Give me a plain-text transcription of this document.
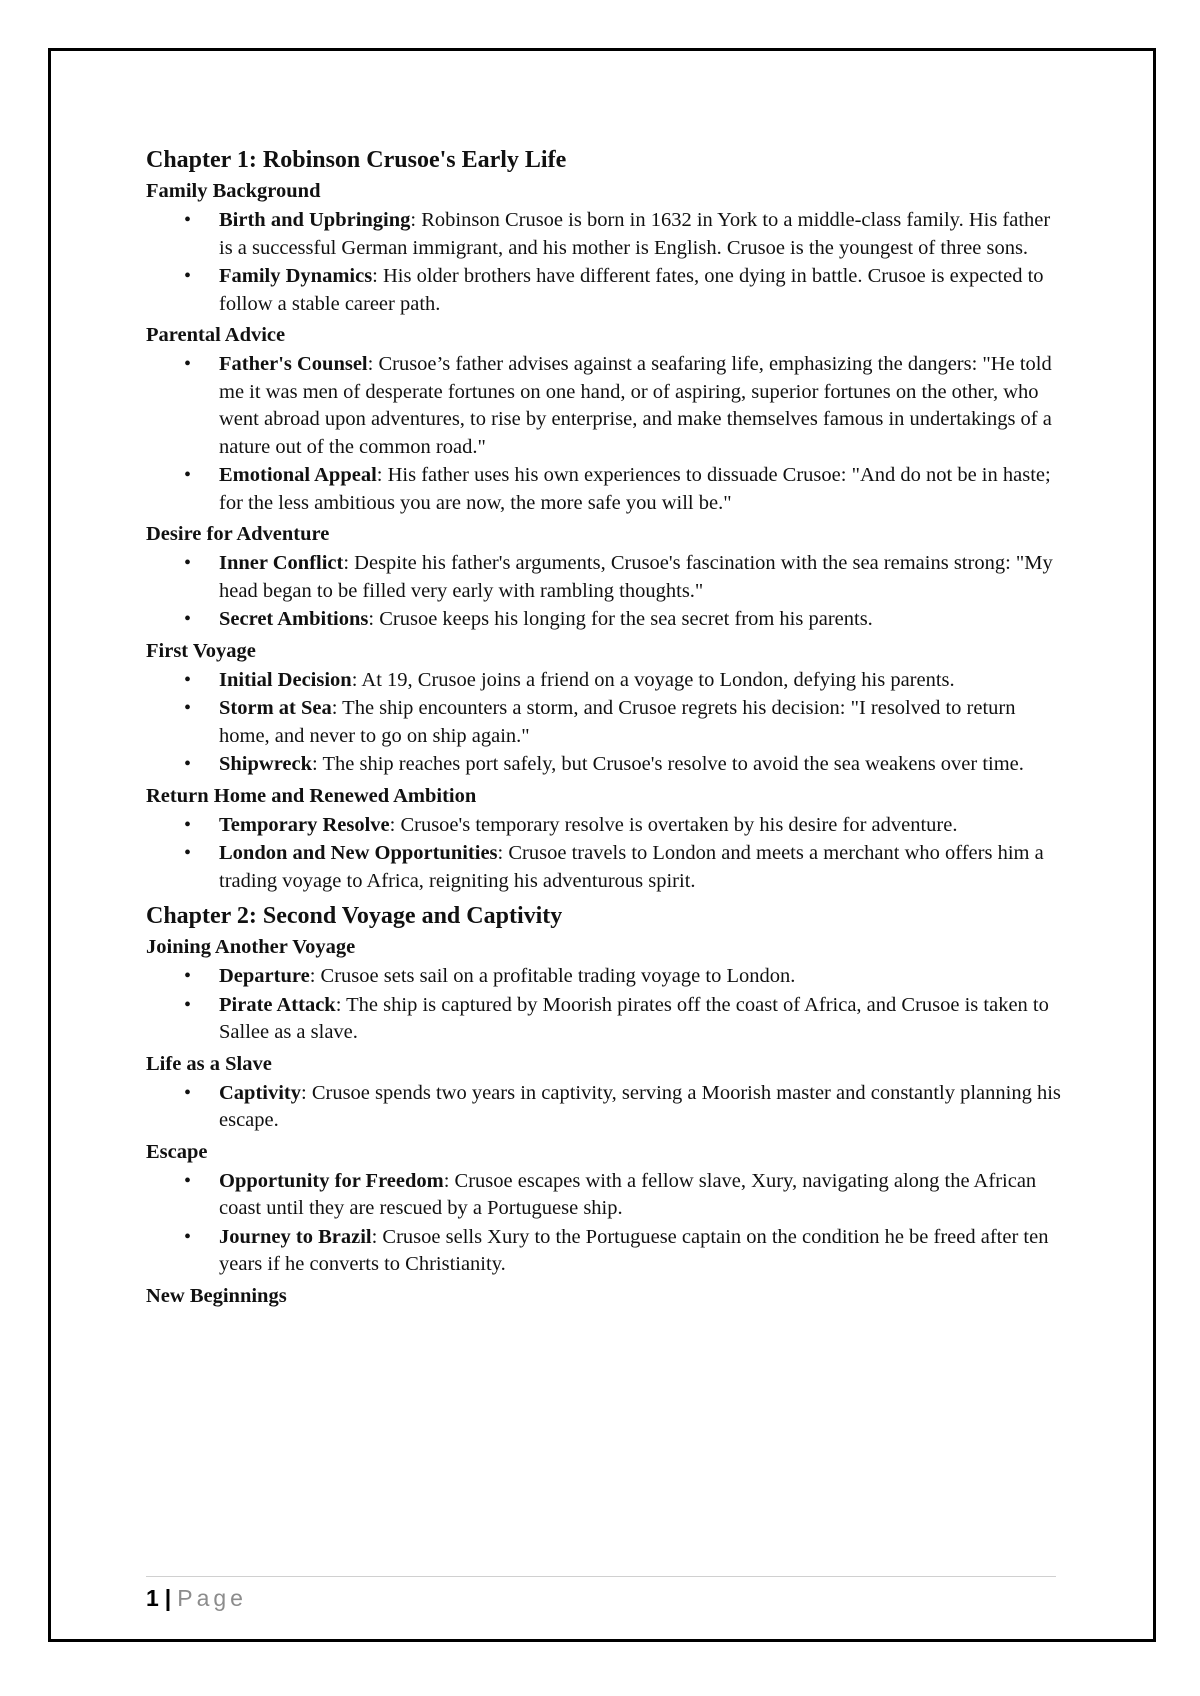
Chapter 1: Robinson Crusoe's Early Life
Family Background
• Birth and Upbringing: Robinson Crusoe is born in 1632 in York to a middle-class family. His father is a successful German immigrant, and his mother is English. Crusoe is the youngest of three sons.
• Family Dynamics: His older brothers have different fates, one dying in battle. Crusoe is expected to follow a stable career path.
Parental Advice
• Father's Counsel: Crusoe’s father advises against a seafaring life, emphasizing the dangers: "He told me it was men of desperate fortunes on one hand, or of aspiring, superior fortunes on the other, who went abroad upon adventures, to rise by enterprise, and make themselves famous in undertakings of a nature out of the common road."
• Emotional Appeal: His father uses his own experiences to dissuade Crusoe: "And do not be in haste; for the less ambitious you are now, the more safe you will be."
Desire for Adventure
• Inner Conflict: Despite his father's arguments, Crusoe's fascination with the sea remains strong: "My head began to be filled very early with rambling thoughts."
• Secret Ambitions: Crusoe keeps his longing for the sea secret from his parents.
First Voyage
• Initial Decision: At 19, Crusoe joins a friend on a voyage to London, defying his parents.
• Storm at Sea: The ship encounters a storm, and Crusoe regrets his decision: "I resolved to return home, and never to go on ship again."
• Shipwreck: The ship reaches port safely, but Crusoe's resolve to avoid the sea weakens over time.
Return Home and Renewed Ambition
• Temporary Resolve: Crusoe's temporary resolve is overtaken by his desire for adventure.
• London and New Opportunities: Crusoe travels to London and meets a merchant who offers him a trading voyage to Africa, reigniting his adventurous spirit.
Chapter 2: Second Voyage and Captivity
Joining Another Voyage
• Departure: Crusoe sets sail on a profitable trading voyage to London.
• Pirate Attack: The ship is captured by Moorish pirates off the coast of Africa, and Crusoe is taken to Sallee as a slave.
Life as a Slave
• Captivity: Crusoe spends two years in captivity, serving a Moorish master and constantly planning his escape.
Escape
• Opportunity for Freedom: Crusoe escapes with a fellow slave, Xury, navigating along the African coast until they are rescued by a Portuguese ship.
• Journey to Brazil: Crusoe sells Xury to the Portuguese captain on the condition he be freed after ten years if he converts to Christianity.
New Beginnings
1 | Page
